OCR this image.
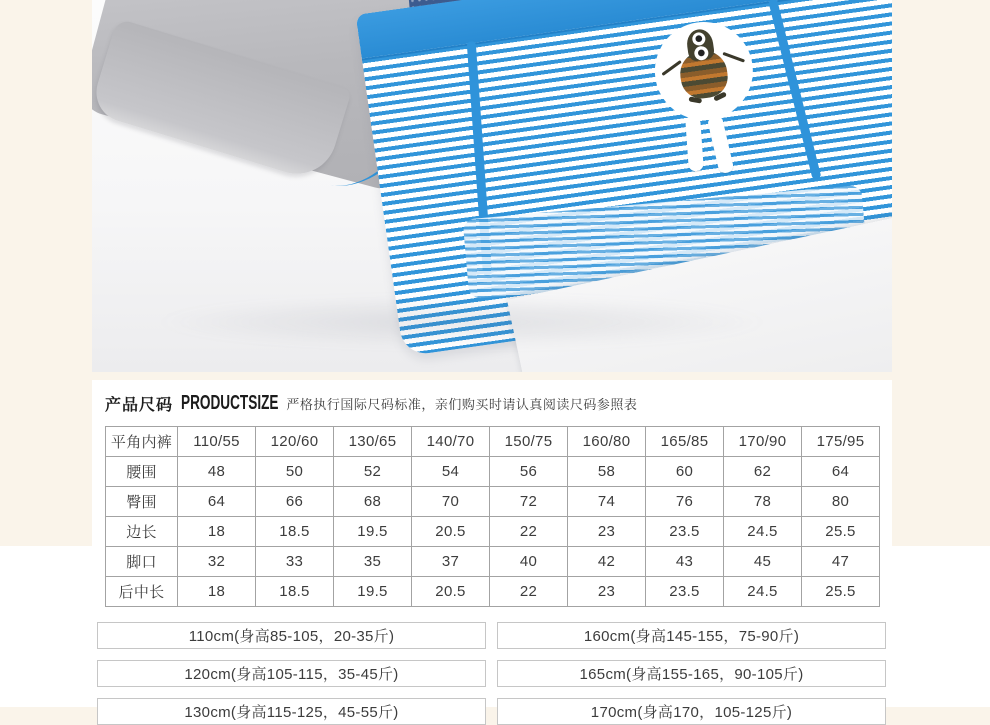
产品尺码 PRODUCTSIZE 严格执行国际尺码标准，亲们购买时请认真阅读尺码参照表
平角内裤	110/55	120/60	130/65	140/70	150/75	160/80	165/85	170/90	175/95
腰围	48	50	52	54	56	58	60	62	64
臀围	64	66	68	70	72	74	76	78	80
边长	18	18.5	19.5	20.5	22	23	23.5	24.5	25.5
脚口	32	33	35	37	40	42	43	45	47
后中长	18	18.5	19.5	20.5	22	23	23.5	24.5	25.5
110cm(身高85-105，20-35斤)
120cm(身高105-115，35-45斤)
130cm(身高115-125，45-55斤)
160cm(身高145-155，75-90斤)
165cm(身高155-165，90-105斤)
170cm(身高170，105-125斤)
